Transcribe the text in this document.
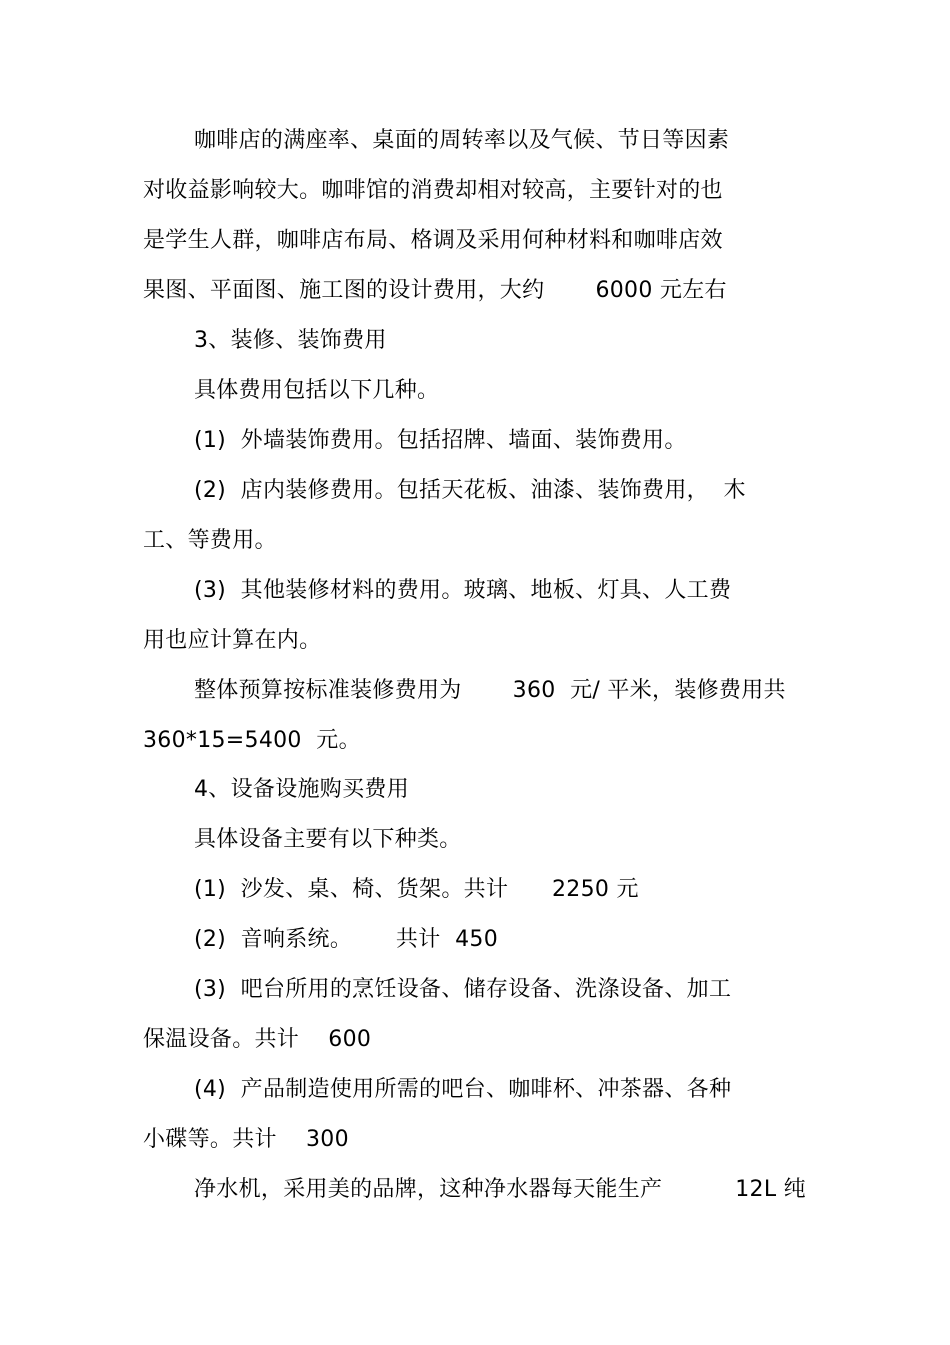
咖啡店的满座率、桌面的周转率以及气候、节日等因素
对收益影响较大。咖啡馆的消费却相对较高，主要针对的也
是学生人群，咖啡店布局、格调及采用何种材料和咖啡店效
果图、平面图、施工图的设计费用，大约       6000 元左右
3、装修、装饰费用
具体费用包括以下几种。
(1)  外墙装饰费用。包括招牌、墙面、装饰费用。
(2)  店内装修费用。包括天花板、油漆、装饰费用，  木
工、等费用。
(3)  其他装修材料的费用。玻璃、地板、灯具、人工费
用也应计算在内。
整体预算按标准装修费用为       360  元/ 平米，装修费用共
360*15=5400  元。
4、设备设施购买费用
具体设备主要有以下种类。
(1)  沙发、桌、椅、货架。共计      2250 元
(2)  音响系统。      共计  450
(3)  吧台所用的烹饪设备、储存设备、洗涤设备、加工
保温设备。共计    600
(4)  产品制造使用所需的吧台、咖啡杯、冲茶器、各种
小碟等。共计    300
净水机，采用美的品牌，这种净水器每天能生产          12L 纯
